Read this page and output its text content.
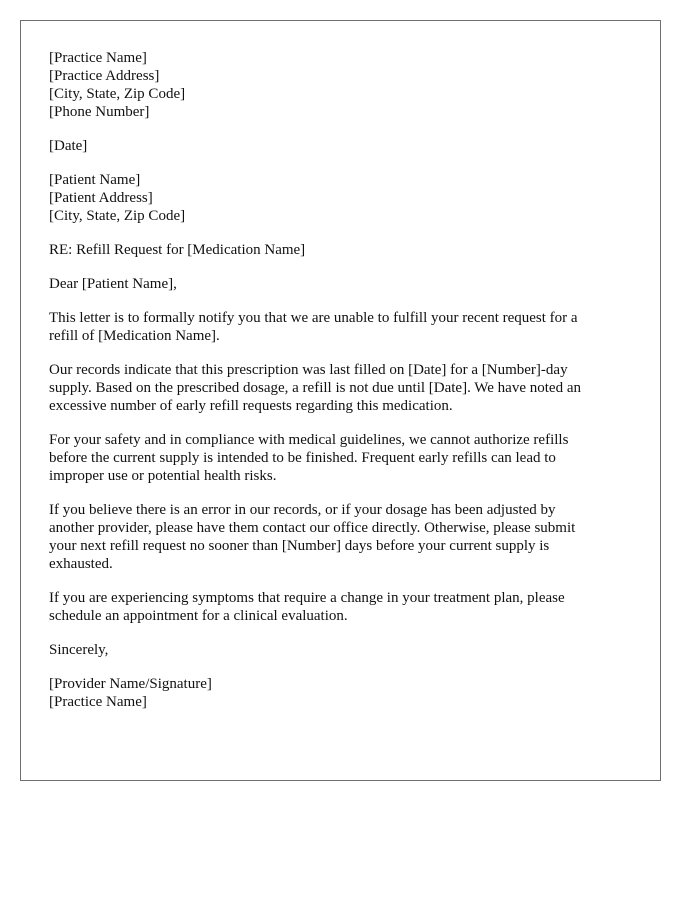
[Practice Name]
[Practice Address]
[City, State, Zip Code]
[Phone Number]
[Date]
[Patient Name]
[Patient Address]
[City, State, Zip Code]
RE: Refill Request for [Medication Name]
Dear [Patient Name],
This letter is to formally notify you that we are unable to fulfill your recent request for a
refill of [Medication Name].
Our records indicate that this prescription was last filled on [Date] for a [Number]-day
supply. Based on the prescribed dosage, a refill is not due until [Date]. We have noted an
excessive number of early refill requests regarding this medication.
For your safety and in compliance with medical guidelines, we cannot authorize refills
before the current supply is intended to be finished. Frequent early refills can lead to
improper use or potential health risks.
If you believe there is an error in our records, or if your dosage has been adjusted by
another provider, please have them contact our office directly. Otherwise, please submit
your next refill request no sooner than [Number] days before your current supply is
exhausted.
If you are experiencing symptoms that require a change in your treatment plan, please
schedule an appointment for a clinical evaluation.
Sincerely,
[Provider Name/Signature]
[Practice Name]
